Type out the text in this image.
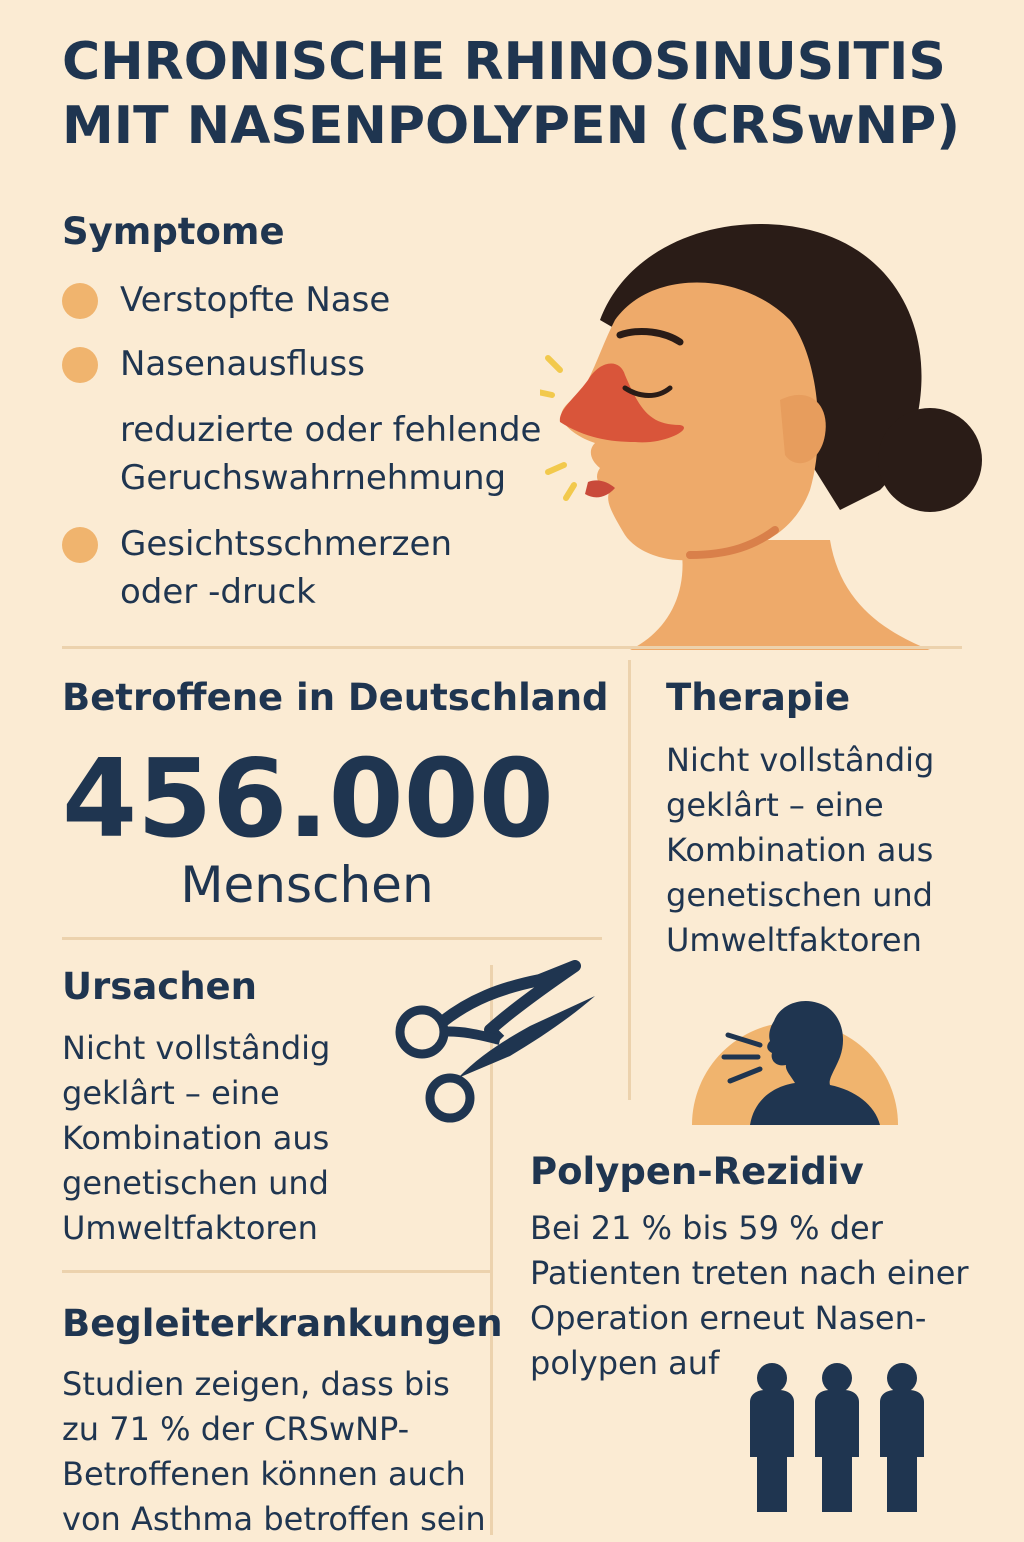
CHRONISCHE RHINOSINUSITIS
MIT NASENPOLYPEN (CRSwNP)
Symptome
Verstopfte Nase
Nasenausfluss
reduzierte oder fehlende
Geruchswahrnehmung
Gesichtsschmerzen
oder -druck
Betroffene in Deutschland
456.000
Menschen
Therapie
Nicht vollstândig
geklârt – eine
Kombination aus
genetischen und
Umweltfaktoren
Ursachen
Nicht vollstândig
geklârt – eine
Kombination aus
genetischen und
Umweltfaktoren
Polypen-Rezidiv
Bei 21 % bis 59 % der
Patienten treten nach einer
Operation erneut Nasen-
polypen auf
Begleiterkrankungen
Studien zeigen, dass bis
zu 71 % der CRSwNP-
Betroffenen können auch
von Asthma betroffen sein
